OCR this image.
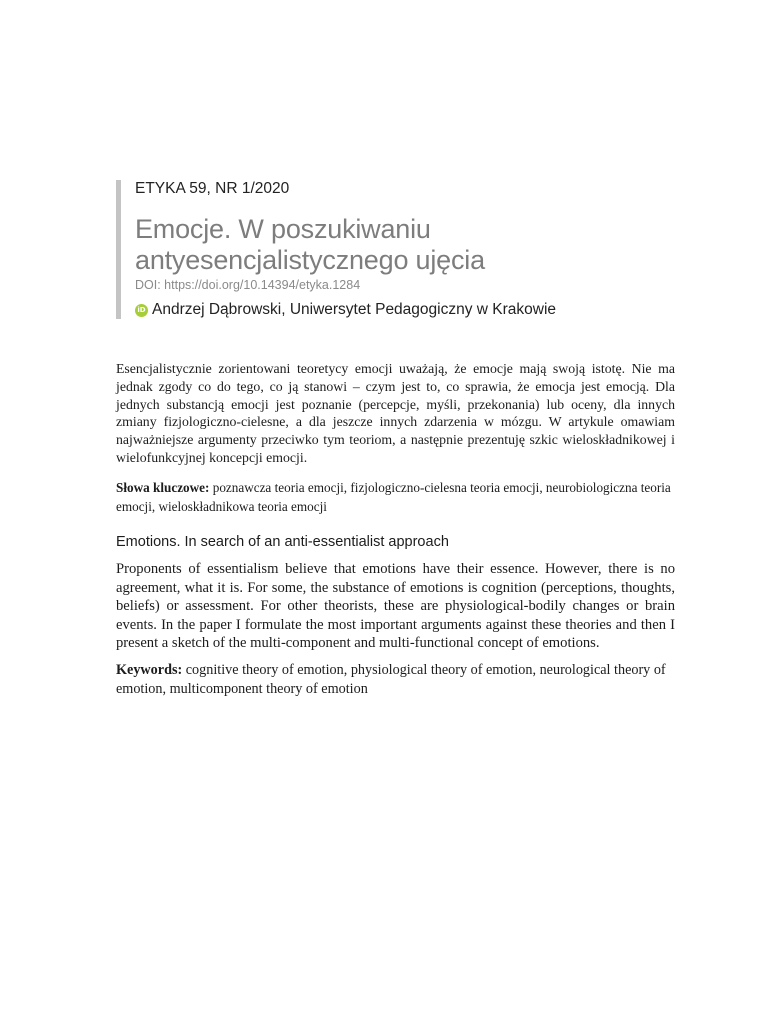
ETYKA 59, NR 1/2020
Emocje. W poszukiwaniu
antyesencjalistycznego ujęcia
DOI: https://doi.org/10.14394/etyka.1284
iD Andrzej Dąbrowski, Uniwersytet Pedagogiczny w Krakowie
Esencjalistycznie zorientowani teoretycy emocji uważają, że emocje mają swoją istotę. Nie ma jednak zgody co do tego, co ją stanowi – czym jest to, co sprawia, że emocja jest emocją. Dla jednych substancją emocji jest poznanie (percepcje, myśli, przekonania) lub oceny, dla innych zmiany fizjologiczno-cielesne, a dla jeszcze innych zdarzenia w mózgu. W artykule omawiam najważniejsze argumenty przeciwko tym teoriom, a następnie prezentuję szkic wieloskładnikowej i wielofunkcyjnej koncepcji emocji.
Słowa kluczowe: poznawcza teoria emocji, fizjologiczno-cielesna teoria emocji, neurobiologiczna teoria emocji, wieloskładnikowa teoria emocji
Emotions. In search of an anti-essentialist approach
Proponents of essentialism believe that emotions have their essence. However, there is no agreement, what it is. For some, the substance of emotions is cognition (perceptions, thoughts, beliefs) or assessment. For other theorists, these are physiological-bodily changes or brain events. In the paper I formulate the most important arguments against these theories and then I present a sketch of the multi-component and multi-functional concept of emotions.
Keywords: cognitive theory of emotion, physiological theory of emotion, neurological theory of emotion, multicomponent theory of emotion
